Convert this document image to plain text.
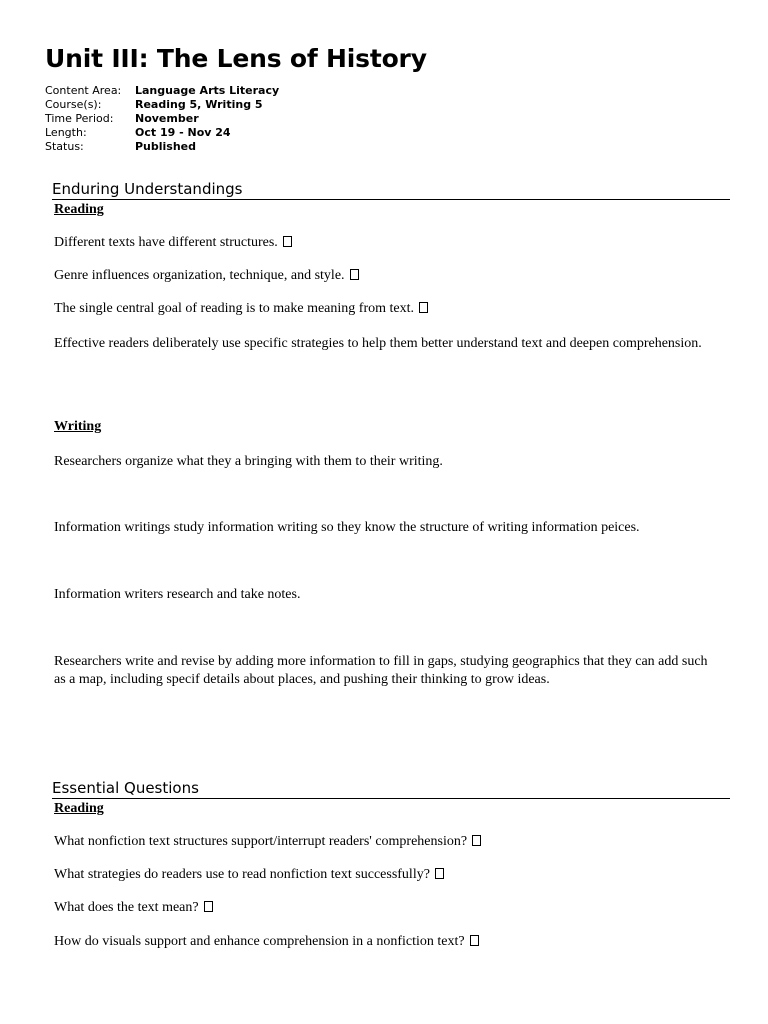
Unit III: The Lens of History
Content Area:	Language Arts Literacy
Course(s):	Reading 5, Writing 5
Time Period:	November
Length:	Oct 19 - Nov 24
Status:	Published
Enduring Understandings
Reading
Different texts have different structures.
Genre influences organization, technique, and style.
The single central goal of reading is to make meaning from text.
Effective readers deliberately use specific strategies to help them better understand text and deepen comprehension.
Writing
Researchers organize what they a bringing with them to their writing.
Information writings study information writing so they know the structure of writing information peices.
Information writers research and take notes.
Researchers write and revise by adding more information to fill in gaps, studying geographics that they can add such as a map, including specif details about places, and pushing their thinking to grow ideas.
Essential Questions
Reading
What nonfiction text structures support/interrupt readers' comprehension?
What strategies do readers use to read nonfiction text successfully?
What does the text mean?
How do visuals support and enhance comprehension in a nonfiction text?
